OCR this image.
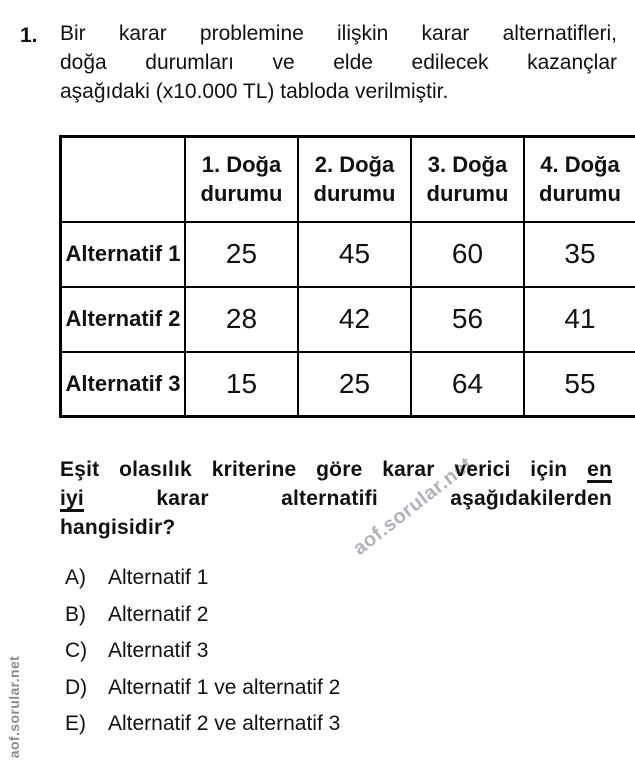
1. Bir karar problemine ilişkin karar alternatifleri,
doğa durumları ve elde edilecek kazançlar
aşağıdaki (x10.000 TL) tabloda verilmiştir.
	1. Doğa durumu	2. Doğa durumu	3. Doğa durumu	4. Doğa durumu
Alternatif 1	25	45	60	35
Alternatif 2	28	42	56	41
Alternatif 3	15	25	64	55
Eşit olasılık kriterine göre karar verici için en
iyi	karar alternatifi aşağıdakilerden
hangisidir?
A)	Alternatif 1
B)	Alternatif 2
C) Alternatif 3
D) Alternatif 1 ve alternatif 2
E)	Alternatif 2 ve alternatif 3
aof.sorular.net
aof.sorular.net
